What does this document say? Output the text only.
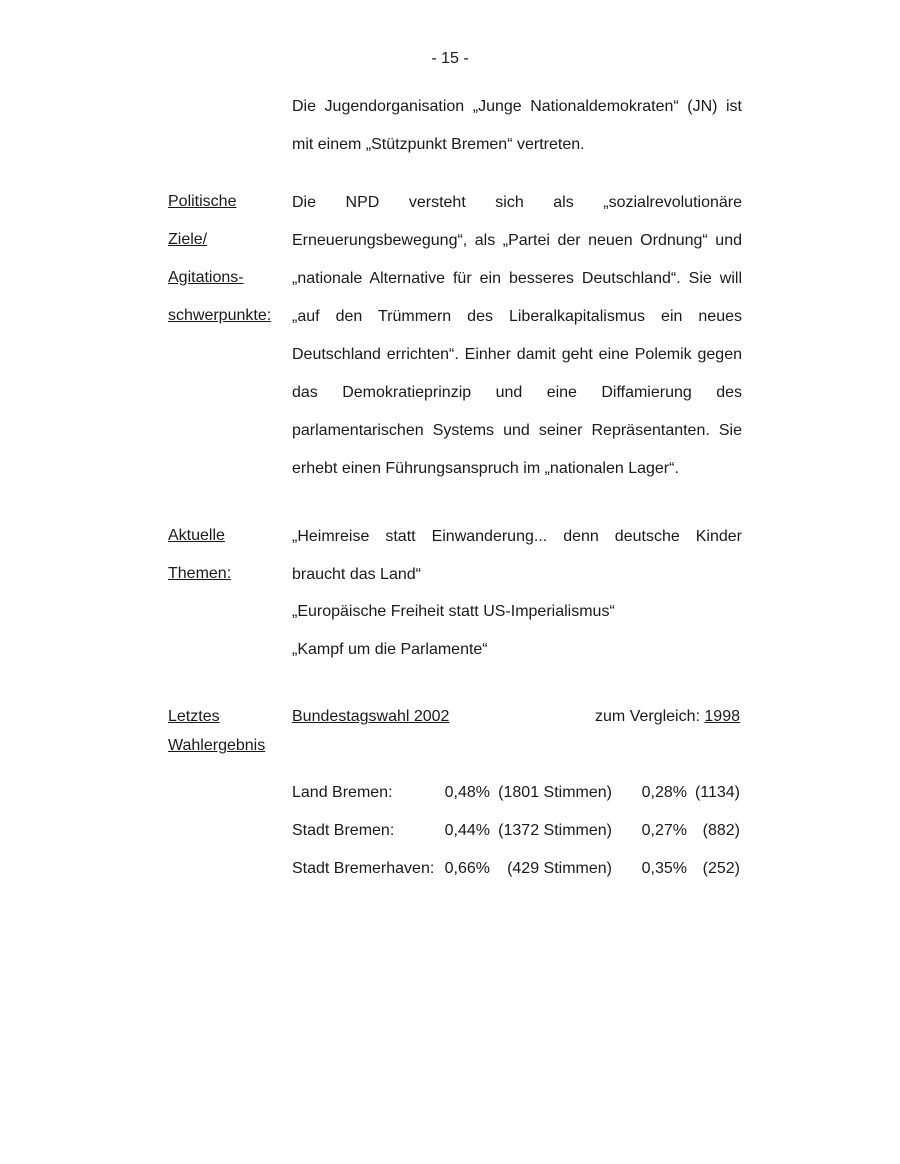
- 15 -
Die Jugendorganisation „Junge Nationaldemokraten“ (JN) ist mit einem „Stützpunkt Bremen“ vertreten.
Politische
Ziele/
Agitations-
schwerpunkte:
Die NPD versteht sich als „sozialrevolutionäre Erneuerungsbewegung“, als „Partei der neuen Ordnung“ und „nationale Alternative für ein besseres Deutschland“. Sie will „auf den Trümmern des Liberalkapitalismus ein neues Deutschland errichten“. Einher damit geht eine Polemik gegen das Demokratieprinzip und eine Diffamierung des parlamentarischen Systems und seiner Repräsentanten. Sie erhebt einen Führungsanspruch im „nationalen Lager“.
Aktuelle
Themen:
„Heimreise statt Einwanderung... denn deutsche Kinder braucht das Land“
„Europäische Freiheit statt US-Imperialismus“
„Kampf um die Parlamente“
Letztes
Wahlergebnis
Bundestagswahl 2002	zum Vergleich: 1998
Land Bremen:	0,48% (1801 Stimmen) 0,28% (1134)
Stadt Bremen:	0,44% (1372 Stimmen) 0,27% (882)
Stadt Bremerhaven: 0,66% (429 Stimmen) 0,35% (252)
